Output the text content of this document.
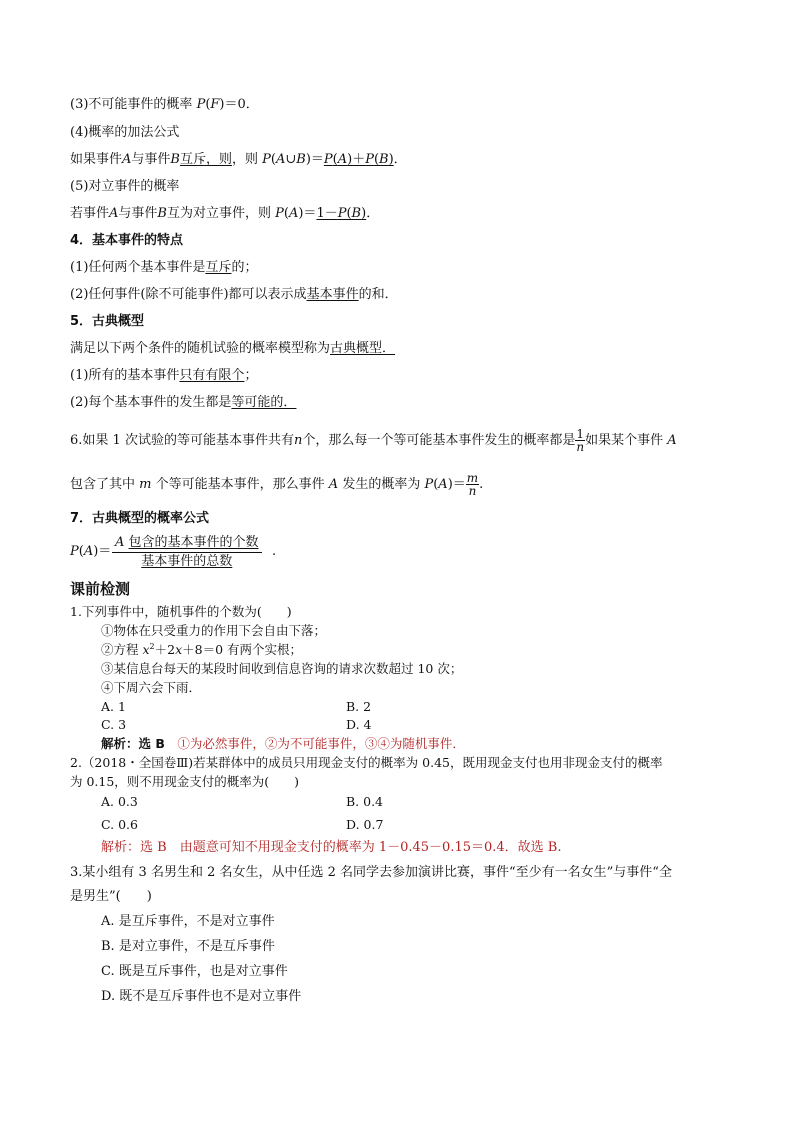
(3)不可能事件的概率 P(F)＝0．
(4)概率的加法公式
如果事件A与事件B互斥，则，则 P(A∪B)＝P(A)＋P(B)．
(5)对立事件的概率
若事件A与事件B互为对立事件，则 P(A)＝1－P(B)．
4．基本事件的特点
(1)任何两个基本事件是互斥的；
(2)任何事件(除不可能事件)都可以表示成基本事件的和．
5．古典概型
满足以下两个条件的随机试验的概率模型称为古典概型．
(1)所有的基本事件只有有限个；
(2)每个基本事件的发生都是等可能的．
6.如果 1 次试验的等可能基本事件共有n个，那么每一个等可能基本事件发生的概率都是 $\frac{1}{n}$ 如果某个事件 A
包含了其中 m 个等可能基本事件，那么事件 A 发生的概率为 $P(A)= \frac{m}{n}$ .
7．古典概型的概率公式
P(A)＝
A 包含的基本事件的个数
基本事件的总数
.
课前检测
1.下列事件中，随机事件的个数为(　　)
①物体在只受重力的作用下会自由下落；
②方程 $x^2+2x+8=0$ 有两个实根；
③某信息台每天的某段时间收到信息咨询的请求次数超过 10 次；
④下周六会下雨．
A. 1	B. 2
C. 3	D. 4
解析：选 B　 ①为必然事件，②为不可能事件，③④为随机事件．
2.（2018・全国卷Ⅲ)若某群体中的成员只用现金支付的概率为 0.45，既用现金支付也用非现金支付的概率
为 0.15，则不用现金支付的概率为(　　)
A. 0.3	B. 0.4
C. 0.6	D. 0.7
解析：选 B　 由题意可知不用现金支付的概率为 1－0.45－0.15＝0.4．故选 B.
3.某小组有 3 名男生和 2 名女生，从中任选 2 名同学去参加演讲比赛，事件“至少有一名女生”与事件“全
是男生”(　　)
A. 是互斥事件，不是对立事件
B. 是对立事件，不是互斥事件
C. 既是互斥事件，也是对立事件
D. 既不是互斥事件也不是对立事件
